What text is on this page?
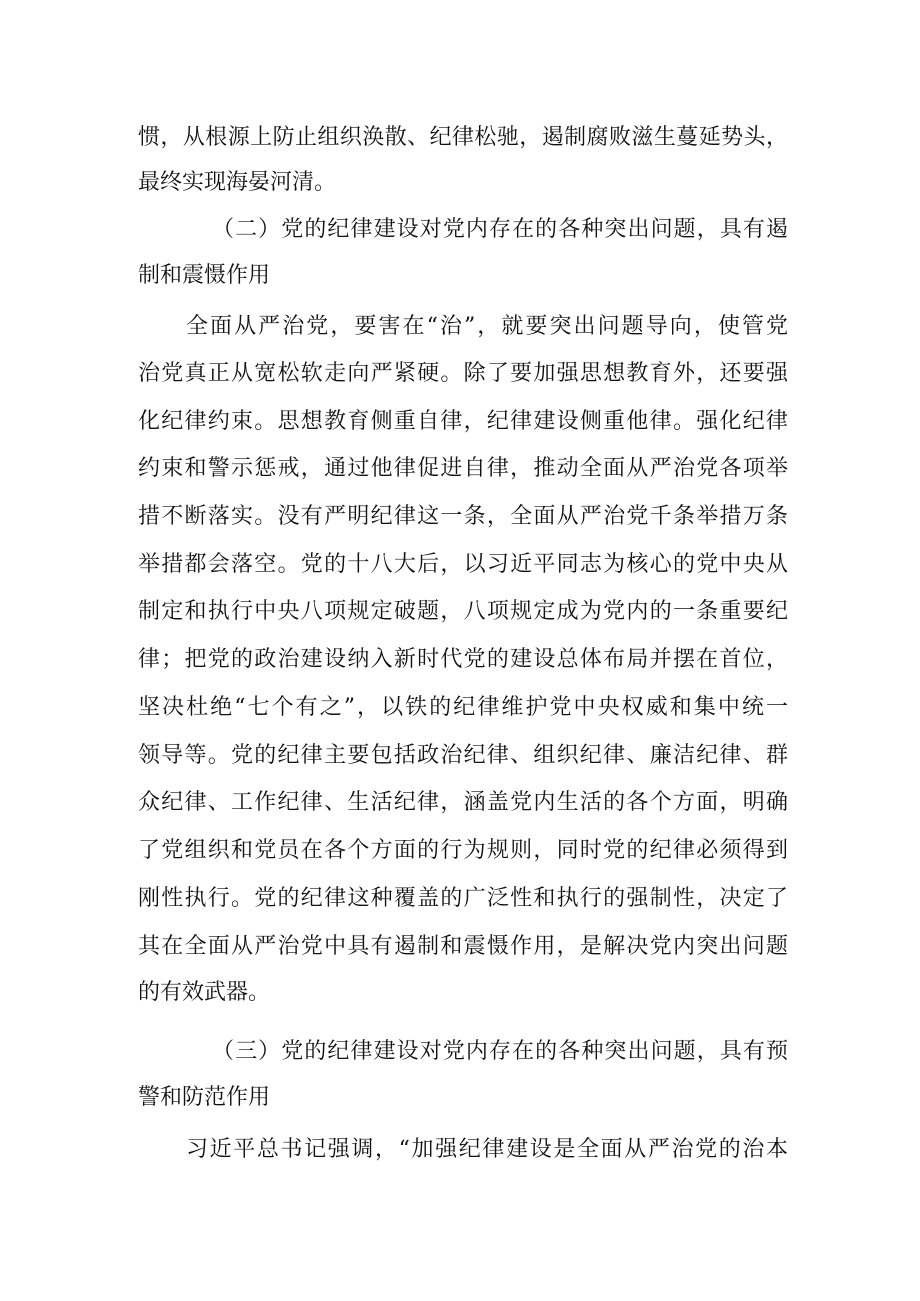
惯，从根源上防止组织涣散、纪律松驰，遏制腐败滋生蔓延势头，
最终实现海晏河清。
（二）党的纪律建设对党内存在的各种突出问题，具有遏
制和震慑作用
全面从严治党，要害在“治”，就要突出问题导向，使管党
治党真正从宽松软走向严紧硬。除了要加强思想教育外，还要强
化纪律约束。思想教育侧重自律，纪律建设侧重他律。强化纪律
约束和警示惩戒，通过他律促进自律，推动全面从严治党各项举
措不断落实。没有严明纪律这一条，全面从严治党千条举措万条
举措都会落空。党的十八大后，以习近平同志为核心的党中央从
制定和执行中央八项规定破题，八项规定成为党内的一条重要纪
律；把党的政治建设纳入新时代党的建设总体布局并摆在首位，
坚决杜绝“七个有之”，以铁的纪律维护党中央权威和集中统一
领导等。党的纪律主要包括政治纪律、组织纪律、廉洁纪律、群
众纪律、工作纪律、生活纪律，涵盖党内生活的各个方面，明确
了党组织和党员在各个方面的行为规则，同时党的纪律必须得到
刚性执行。党的纪律这种覆盖的广泛性和执行的强制性，决定了
其在全面从严治党中具有遏制和震慑作用，是解决党内突出问题
的有效武器。
（三）党的纪律建设对党内存在的各种突出问题，具有预
警和防范作用
习近平总书记强调，“加强纪律建设是全面从严治党的治本
